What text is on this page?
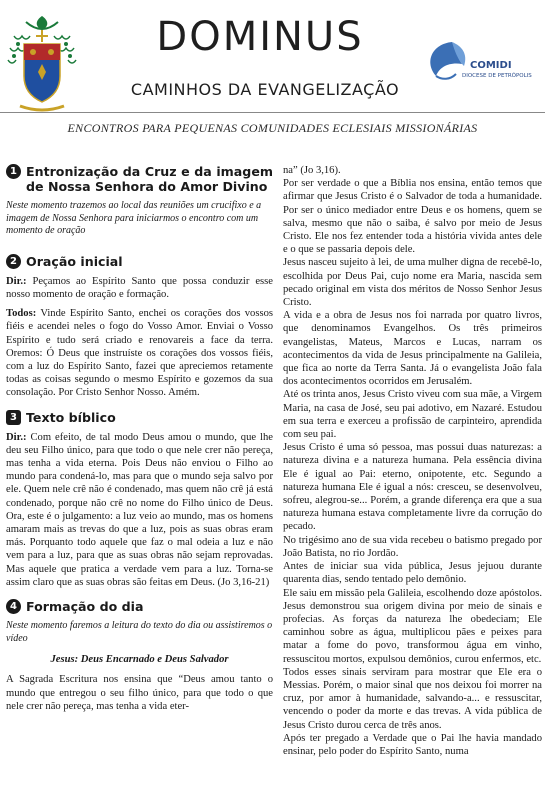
DOMINUS
CAMINHOS DA EVANGELIZAÇÃO
COMIDI
DIOCESE DE PETRÓPOLIS
ENCONTROS PARA PEQUENAS COMUNIDADES ECLESIAIS MISSIONÁRIAS
1 Entronização da Cruz e da imagem de Nossa Senhora do Amor Divino

Neste momento trazemos ao local das reuniões um crucifixo e a imagem de Nossa Senhora para iniciarmos o encontro com um momento de oração

2 Oração inicial

Dir.: Peçamos ao Espírito Santo que possa conduzir esse nosso momento de oração e formação.

Todos: Vinde Espírito Santo, enchei os corações dos vossos fiéis e acendei neles o fogo do Vosso Amor. Enviai o Vosso Espírito e tudo será criado e renovareis a face da terra. Oremos: Ó Deus que instruíste os corações dos vossos fiéis, com a luz do Espírito Santo, fazei que apreciemos retamente todas as coisas segundo o mesmo Espírito e gozemos da sua consolação. Por Cristo Senhor Nosso. Amém.

3 Texto bíblico

Dir.: Com efeito, de tal modo Deus amou o mundo, que lhe deu seu Filho único, para que todo o que nele crer não pereça, mas tenha a vida eterna. Pois Deus não enviou o Filho ao mundo para condená-lo, mas para que o mundo seja salvo por ele. Quem nele crê não é condenado, mas quem não crê já está condenado, porque não crê no nome do Filho único de Deus. Ora, este é o julgamento: a luz veio ao mundo, mas os homens amaram mais as trevas do que a luz, pois as suas obras eram más. Porquanto todo aquele que faz o mal odeia a luz e não vem para a luz, para que as suas obras não sejam reprovadas. Mas aquele que pratica a verdade vem para a luz. Torna-se assim claro que as suas obras são feitas em Deus. (Jo 3,16-21)

4 Formação do dia

Neste momento faremos a leitura do texto do dia ou assistiremos o vídeo

Jesus: Deus Encarnado e Deus Salvador

A Sagrada Escritura nos ensina que “Deus amou tanto o mundo que entregou o seu filho único, para que todo o que nele crer não pereça, mas tenha a vida eter-

na” (Jo 3,16).

Por ser verdade o que a Bíblia nos ensina, então temos que afirmar que Jesus Cristo é o Salvador de toda a humanidade. Por ser o único mediador entre Deus e os homens, quem se salva, mesmo que não o saiba, é salvo por meio de Jesus Cristo. Ele nos fez entender toda a história vivida antes dele e o que se passaria depois dele.

Jesus nasceu sujeito à lei, de uma mulher digna de recebê-lo, escolhida por Deus Pai, cujo nome era Maria, nascida sem pecado original em vista dos méritos de Nosso Senhor Jesus Cristo.

A vida e a obra de Jesus nos foi narrada por quatro livros, que denominamos Evangelhos. Os três primeiros evangelistas, Mateus, Marcos e Lucas, narram os acontecimentos da vida de Jesus principalmente na Galileia, que fica ao norte da Terra Santa. Já o evangelista João fala dos acontecimentos ocorridos em Jerusalém.

Até os trinta anos, Jesus Cristo viveu com sua mãe, a Virgem Maria, na casa de José, seu pai adotivo, em Nazaré. Estudou em sua terra e exerceu a profissão de carpinteiro, aprendida com seu pai.

Jesus Cristo é uma só pessoa, mas possui duas naturezas: a natureza divina e a natureza humana. Pela essência divina Ele é igual ao Pai: eterno, onipotente, etc. Segundo a natureza humana Ele é igual a nós: cresceu, se desenvolveu, sofreu, alegrou-se... Porém, a grande diferença era que a sua natureza humana estava completamente livre da corrução do pecado.

No trigésimo ano de sua vida recebeu o batismo pregado por João Batista, no rio Jordão.

Antes de iniciar sua vida pública, Jesus jejuou durante quarenta dias, sendo tentado pelo demônio.

Ele saiu em missão pela Galileia, escolhendo doze apóstolos. Jesus demonstrou sua origem divina por meio de sinais e profecias. As forças da natureza lhe obedeciam; Ele caminhou sobre as água, multiplicou pães e peixes para matar a fome do povo, transformou água em vinho, ressuscitou mortos, expulsou demônios, curou enfermos, etc.

Todos esses sinais serviram para mostrar que Ele era o Messias. Porém, o maior sinal que nos deixou foi morrer na cruz, por amor à humanidade, salvando-a... e ressuscitar, vencendo o poder da morte e das trevas. A vida pública de Jesus Cristo durou cerca de três anos.

Após ter pregado a Verdade que o Pai lhe havia mandado ensinar, pelo poder do Espírito Santo, numa
